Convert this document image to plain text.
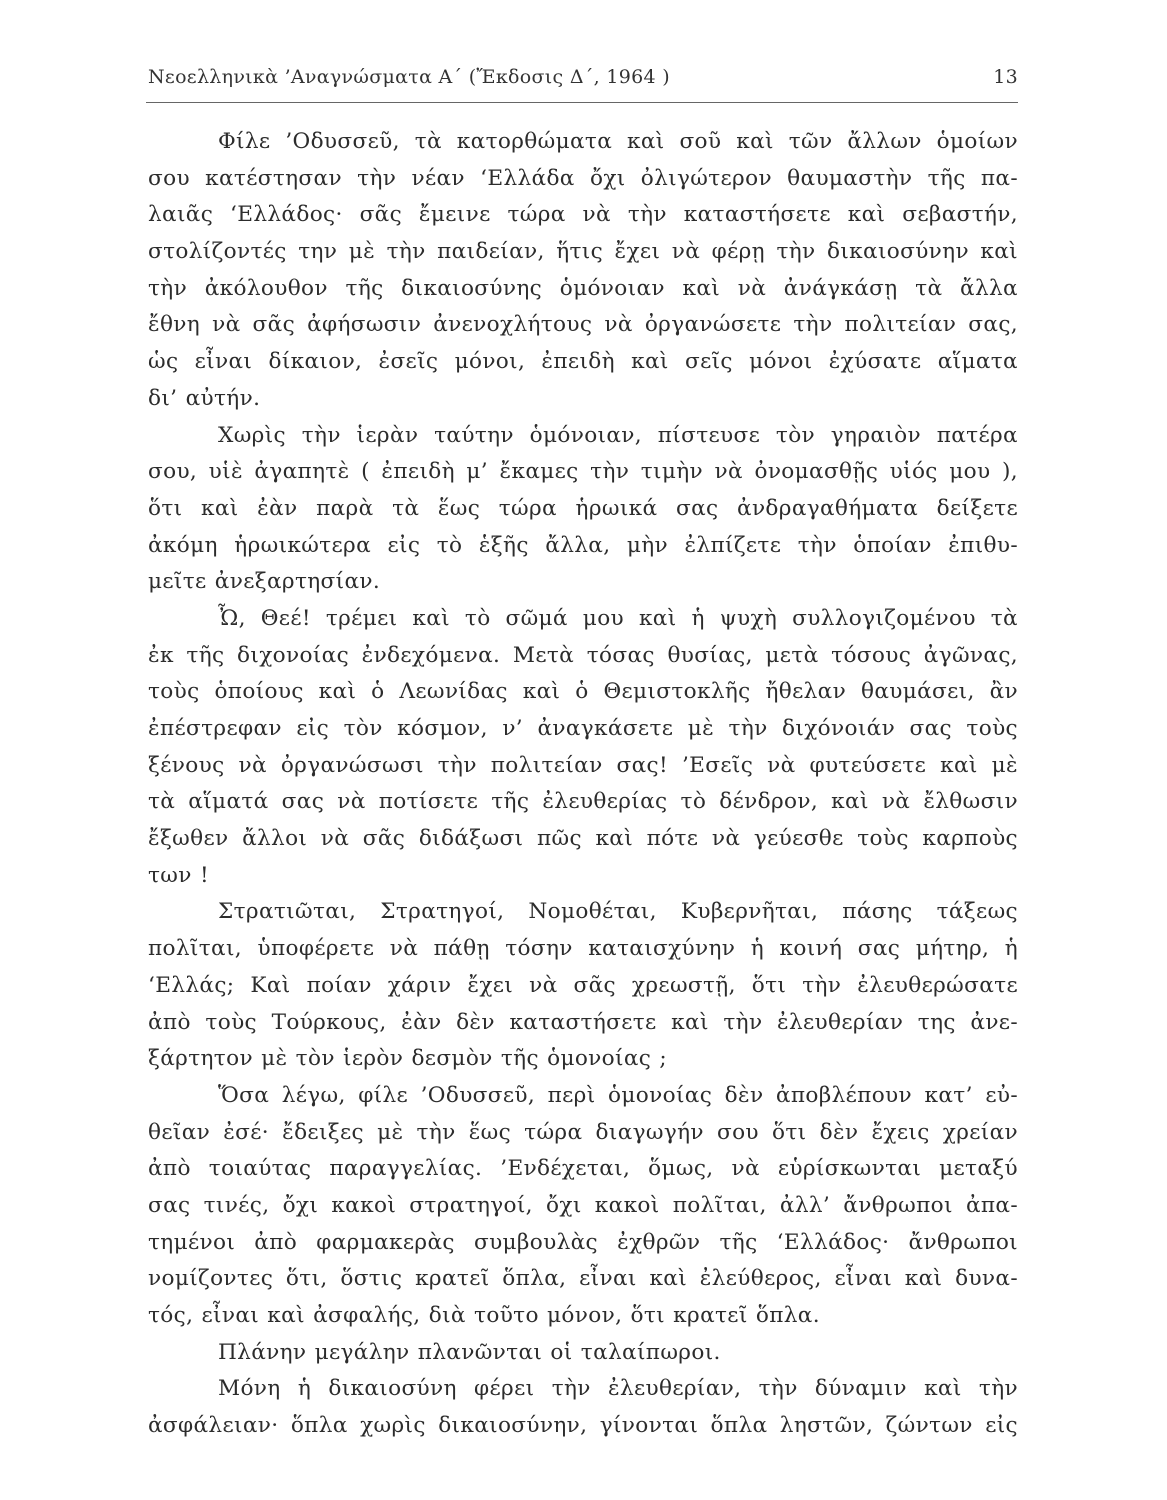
Νεοελληνικὰ ’Αναγνώσματα Α΄ (Ἔκδοσις Δ΄, 1964 )	13
Φίλε ’Οδυσσεῦ, τὰ κατορθώματα καὶ σοῦ καὶ τῶν ἄλλων ὁμοίων
σου κατέστησαν τὴν νέαν ‘Ελλάδα ὄχι ὀλιγώτερον θαυμαστὴν τῆς πα-
λαιᾶς ‘Ελλάδος· σᾶς ἔμεινε τώρα νὰ τὴν καταστήσετε καὶ σεβαστήν,
στολίζοντές την μὲ τὴν παιδείαν, ἥτις ἔχει νὰ φέρῃ τὴν δικαιοσύνην καὶ
τὴν ἀκόλουθον τῆς δικαιοσύνης ὁμόνοιαν καὶ νὰ ἀνάγκάσῃ τὰ ἄλλα
ἔθνη νὰ σᾶς ἀφήσωσιν ἀνενοχλήτους νὰ ὀργανώσετε τὴν πολιτείαν σας,
ὡς εἶναι δίκαιον, ἐσεῖς μόνοι, ἐπειδὴ καὶ σεῖς μόνοι ἐχύσατε αἵματα
δι’ αὐτήν.
Χωρὶς τὴν ἱερὰν ταύτην ὁμόνοιαν, πίστευσε τὸν γηραιὸν πατέρα
σου, υἱὲ ἀγαπητὲ ( ἐπειδὴ μ’ ἔκαμες τὴν τιμὴν νὰ ὀνομασθῇς υἱός μου ),
ὅτι καὶ ἐὰν παρὰ τὰ ἕως τώρα ἡρωικά σας ἀνδραγαθήματα δείξετε
ἀκόμη ἡρωικώτερα εἰς τὸ ἑξῆς ἄλλα, μὴν ἐλπίζετε τὴν ὁποίαν ἐπιθυ-
μεῖτε ἀνεξαρτησίαν.
Ὦ, Θεέ! τρέμει καὶ τὸ σῶμά μου καὶ ἡ ψυχὴ συλλογιζομένου τὰ
ἐκ τῆς διχονοίας ἐνδεχόμενα. Μετὰ τόσας θυσίας, μετὰ τόσους ἀγῶνας,
τοὺς ὁποίους καὶ ὁ Λεωνίδας καὶ ὁ Θεμιστοκλῆς ἤθελαν θαυμάσει, ἂν
ἐπέστρεφαν εἰς τὸν κόσμον, ν’ ἀναγκάσετε μὲ τὴν διχόνοιάν σας τοὺς
ξένους νὰ ὀργανώσωσι τὴν πολιτείαν σας! ’Εσεῖς νὰ φυτεύσετε καὶ μὲ
τὰ αἵματά σας νὰ ποτίσετε τῆς ἐλευθερίας τὸ δένδρον, καὶ νὰ ἔλθωσιν
ἔξωθεν ἄλλοι νὰ σᾶς διδάξωσι πῶς καὶ πότε νὰ γεύεσθε τοὺς καρποὺς
των !
Στρατιῶται, Στρατηγοί, Νομοθέται, Κυβερνῆται, πάσης τάξεως
πολῖται, ὑποφέρετε νὰ πάθῃ τόσην καταισχύνην ἡ κοινή σας μήτηρ, ἡ
‘Ελλάς; Καὶ ποίαν χάριν ἔχει νὰ σᾶς χρεωστῇ, ὅτι τὴν ἐλευθερώσατε
ἀπὸ τοὺς Τούρκους, ἐὰν δὲν καταστήσετε καὶ τὴν ἐλευθερίαν της ἀνε-
ξάρτητον μὲ τὸν ἱερὸν δεσμὸν τῆς ὁμονοίας ;
Ὅσα λέγω, φίλε ’Οδυσσεῦ, περὶ ὁμονοίας δὲν ἀποβλέπουν κατ’ εὐ-
θεῖαν ἐσέ· ἔδειξες μὲ τὴν ἕως τώρα διαγωγήν σου ὅτι δὲν ἔχεις χρείαν
ἀπὸ τοιαύτας παραγγελίας. ’Ενδέχεται, ὅμως, νὰ εὑρίσκωνται μεταξύ
σας τινές, ὄχι κακοὶ στρατηγοί, ὄχι κακοὶ πολῖται, ἀλλ’ ἄνθρωποι ἀπα-
τημένοι ἀπὸ φαρμακερὰς συμβουλὰς ἐχθρῶν τῆς ‘Ελλάδος· ἄνθρωποι
νομίζοντες ὅτι, ὅστις κρατεῖ ὅπλα, εἶναι καὶ ἐλεύθερος, εἶναι καὶ δυνα-
τός, εἶναι καὶ ἀσφαλής, διὰ τοῦτο μόνον, ὅτι κρατεῖ ὅπλα.
Πλάνην μεγάλην πλανῶνται οἱ ταλαίπωροι.
Μόνη ἡ δικαιοσύνη φέρει τὴν ἐλευθερίαν, τὴν δύναμιν καὶ τὴν
ἀσφάλειαν· ὅπλα χωρὶς δικαιοσύνην, γίνονται ὅπλα ληστῶν, ζώντων εἰς
